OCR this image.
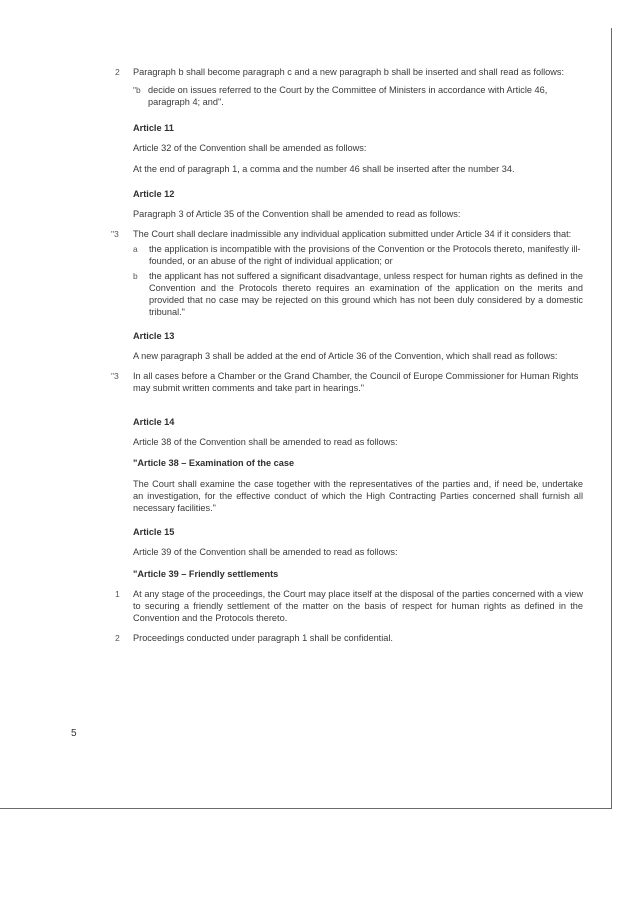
2 Paragraph b shall become paragraph c and a new paragraph b shall be inserted and shall read as follows:

"b decide on issues referred to the Court by the Committee of Ministers in accordance with Article 46, paragraph 4; and".

Article 11

Article 32 of the Convention shall be amended as follows:

At the end of paragraph 1, a comma and the number 46 shall be inserted after the number 34.

Article 12

Paragraph 3 of Article 35 of the Convention shall be amended to read as follows:

"3 The Court shall declare inadmissible any individual application submitted under Article 34 if it considers that:

a the application is incompatible with the provisions of the Convention or the Protocols thereto, manifestly ill-founded, or an abuse of the right of individual application; or

b the applicant has not suffered a significant disadvantage, unless respect for human rights as defined in the Convention and the Protocols thereto requires an examination of the application on the merits and provided that no case may be rejected on this ground which has not been duly considered by a domestic tribunal."

Article 13

A new paragraph 3 shall be added at the end of Article 36 of the Convention, which shall read as follows:

"3 In all cases before a Chamber or the Grand Chamber, the Council of Europe Commissioner for Human Rights may submit written comments and take part in hearings."

Article 14

Article 38 of the Convention shall be amended to read as follows:

"Article 38 – Examination of the case

The Court shall examine the case together with the representatives of the parties and, if need be, undertake an investigation, for the effective conduct of which the High Contracting Parties concerned shall furnish all necessary facilities."

Article 15

Article 39 of the Convention shall be amended to read as follows:

"Article 39 – Friendly settlements

1 At any stage of the proceedings, the Court may place itself at the disposal of the parties concerned with a view to securing a friendly settlement of the matter on the basis of respect for human rights as defined in the Convention and the Protocols thereto.

2 Proceedings conducted under paragraph 1 shall be confidential.

5
